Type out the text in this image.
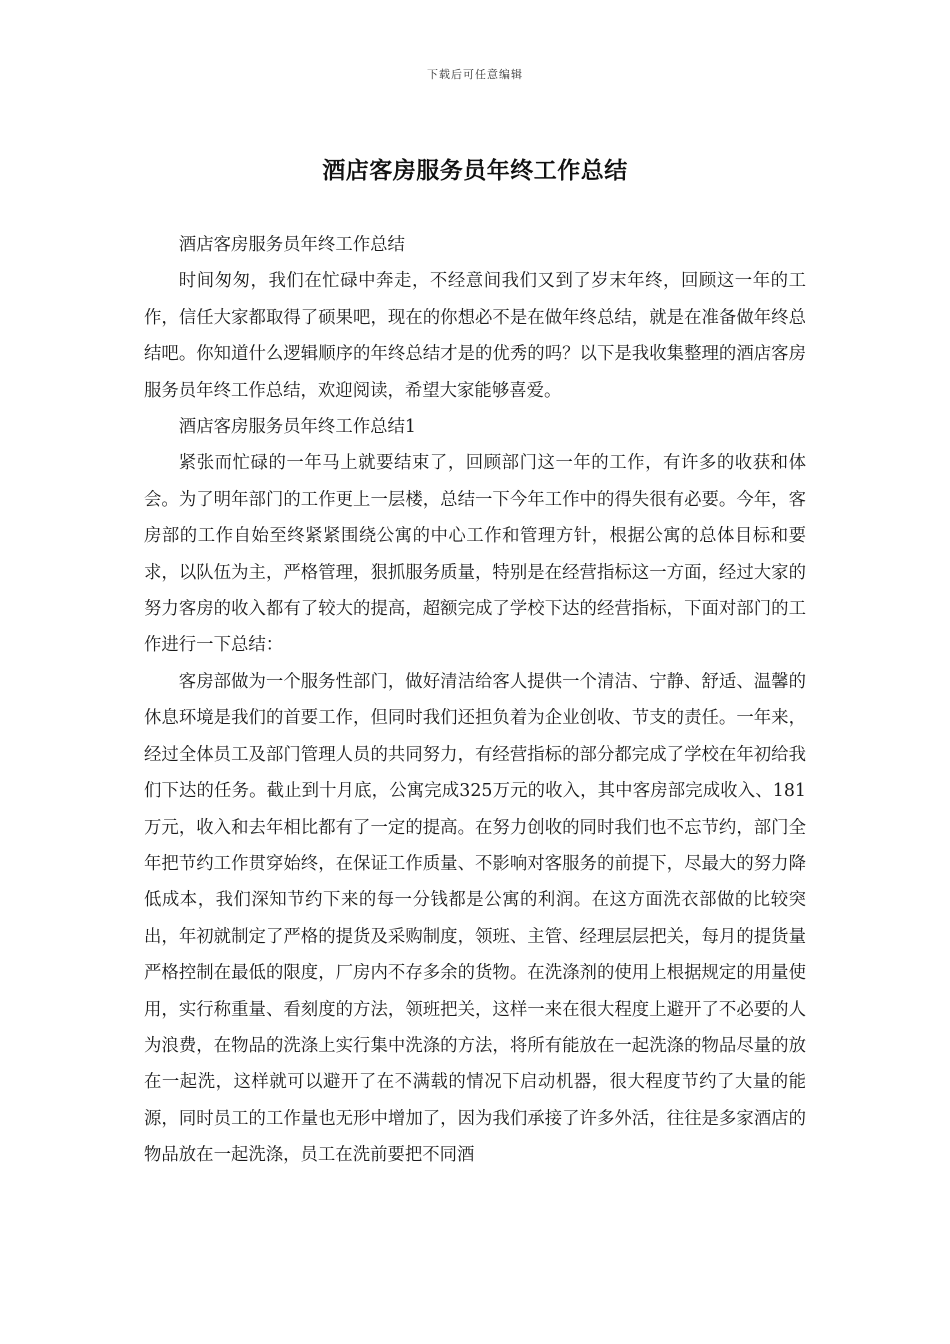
下载后可任意编辑
酒店客房服务员年终工作总结

酒店客房服务员年终工作总结

时间匆匆，我们在忙碌中奔走，不经意间我们又到了岁末年终，回顾这一年的工作，信任大家都取得了硕果吧，现在的你想必不是在做年终总结，就是在准备做年终总结吧。你知道什么逻辑顺序的年终总结才是的优秀的吗？以下是我收集整理的酒店客房服务员年终工作总结，欢迎阅读，希望大家能够喜爱。

酒店客房服务员年终工作总结1

紧张而忙碌的一年马上就要结束了，回顾部门这一年的工作，有许多的收获和体会。为了明年部门的工作更上一层楼，总结一下今年工作中的得失很有必要。今年，客房部的工作自始至终紧紧围绕公寓的中心工作和管理方针，根据公寓的总体目标和要求，以队伍为主，严格管理，狠抓服务质量，特别是在经营指标这一方面，经过大家的努力客房的收入都有了较大的提高，超额完成了学校下达的经营指标，下面对部门的工作进行一下总结：

客房部做为一个服务性部门，做好清洁给客人提供一个清洁、宁静、舒适、温馨的休息环境是我们的首要工作，但同时我们还担负着为企业创收、节支的责任。一年来，经过全体员工及部门管理人员的共同努力，有经营指标的部分都完成了学校在年初给我们下达的任务。截止到十月底，公寓完成325万元的收入，其中客房部完成收入、181万元，收入和去年相比都有了一定的提高。在努力创收的同时我们也不忘节约，部门全年把节约工作贯穿始终，在保证工作质量、不影响对客服务的前提下，尽最大的努力降低成本，我们深知节约下来的每一分钱都是公寓的利润。在这方面洗衣部做的比较突出，年初就制定了严格的提货及采购制度，领班、主管、经理层层把关，每月的提货量严格控制在最低的限度，厂房内不存多余的货物。在洗涤剂的使用上根据规定的用量使用，实行称重量、看刻度的方法，领班把关，这样一来在很大程度上避开了不必要的人为浪费，在物品的洗涤上实行集中洗涤的方法，将所有能放在一起洗涤的物品尽量的放在一起洗，这样就可以避开了在不满载的情况下启动机器，很大程度节约了大量的能源，同时员工的工作量也无形中增加了，因为我们承接了许多外活，往往是多家酒店的物品放在一起洗涤，员工在洗前要把不同酒
